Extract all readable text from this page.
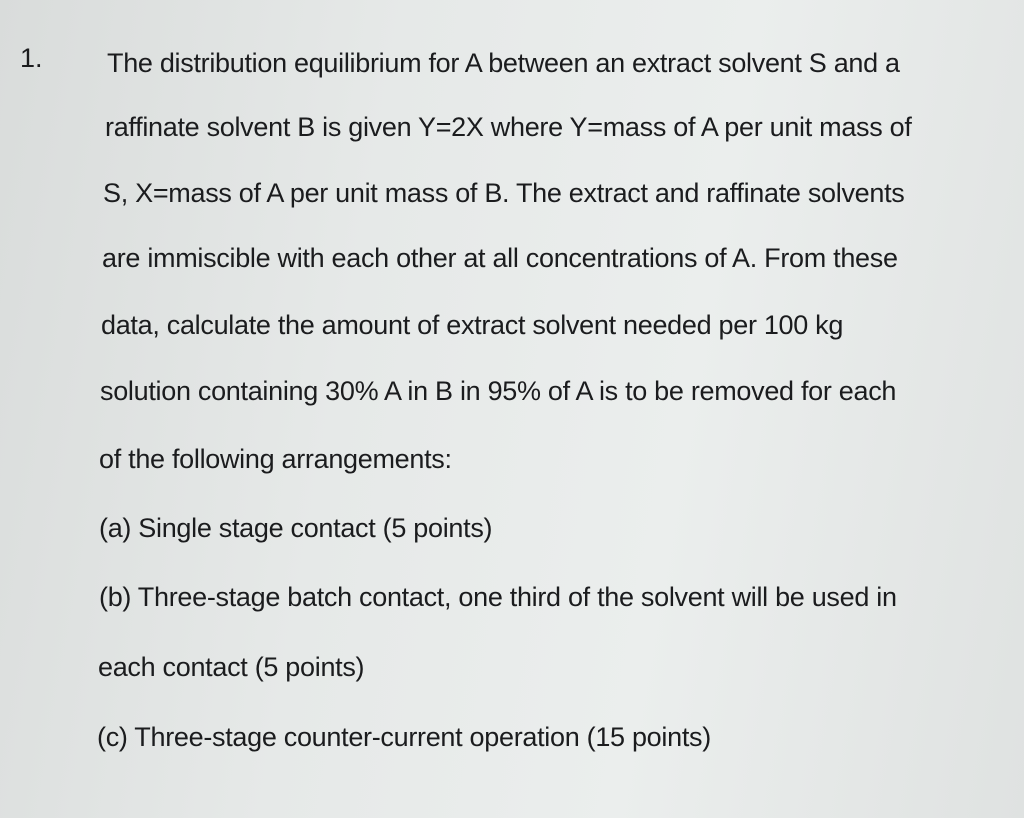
1. The distribution equilibrium for A between an extract solvent S and a
raffinate solvent B is given Y=2X where Y=mass of A per unit mass of
S, X=mass of A per unit mass of B. The extract and raffinate solvents
are immiscible with each other at all concentrations of A. From these
data, calculate the amount of extract solvent needed per 100 kg
solution containing 30% A in B in 95% of A is to be removed for each
of the following arrangements:
(a) Single stage contact (5 points)
(b) Three-stage batch contact, one third of the solvent will be used in
each contact (5 points)
(c) Three-stage counter-current operation (15 points)
